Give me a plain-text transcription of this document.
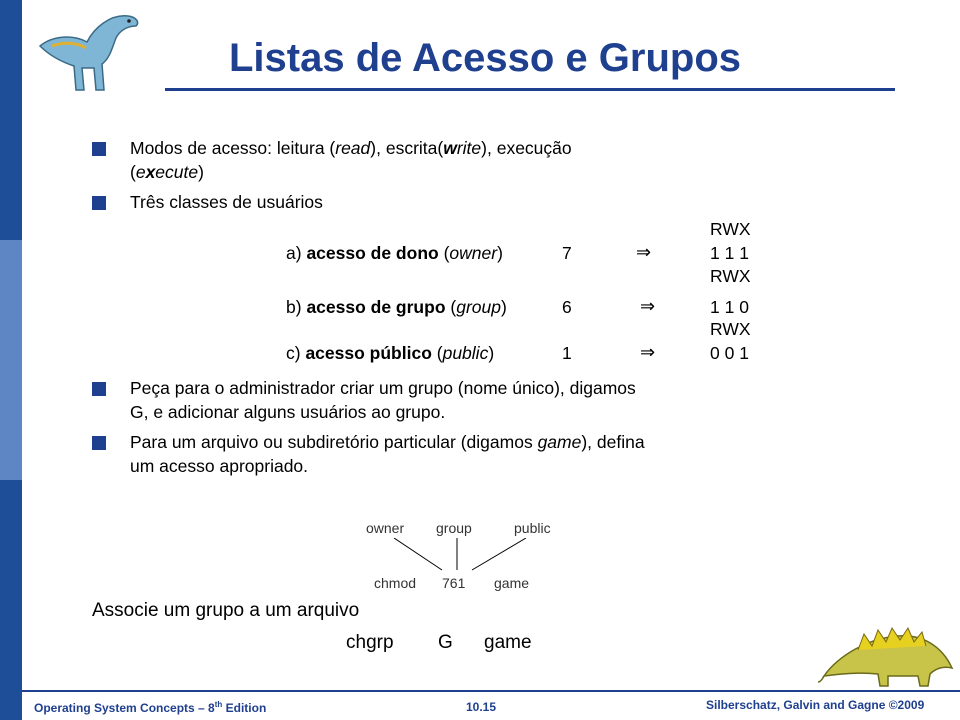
Listas de Acesso e Grupos
Modos de acesso: leitura (read), escrita(write), execução
(execute)
Três classes de usuários
RWX
a) acesso de dono (owner)	7	⇒	1 1 1
RWX
b) acesso de grupo (group)	6	⇒	1 1 0
RWX
c) acesso público (public)	1	⇒	0 0 1
Peça para o administrador criar um grupo (nome único), digamos
G, e adicionar alguns usuários ao grupo.
Para um arquivo ou subdiretório particular (digamos game), defina
um acesso apropriado.
owner group	public
chmod 761 game
Associe um grupo a um arquivo
chgrp G game
Operating System Concepts – 8th Edition	10.15	Silberschatz, Galvin and Gagne ©2009
